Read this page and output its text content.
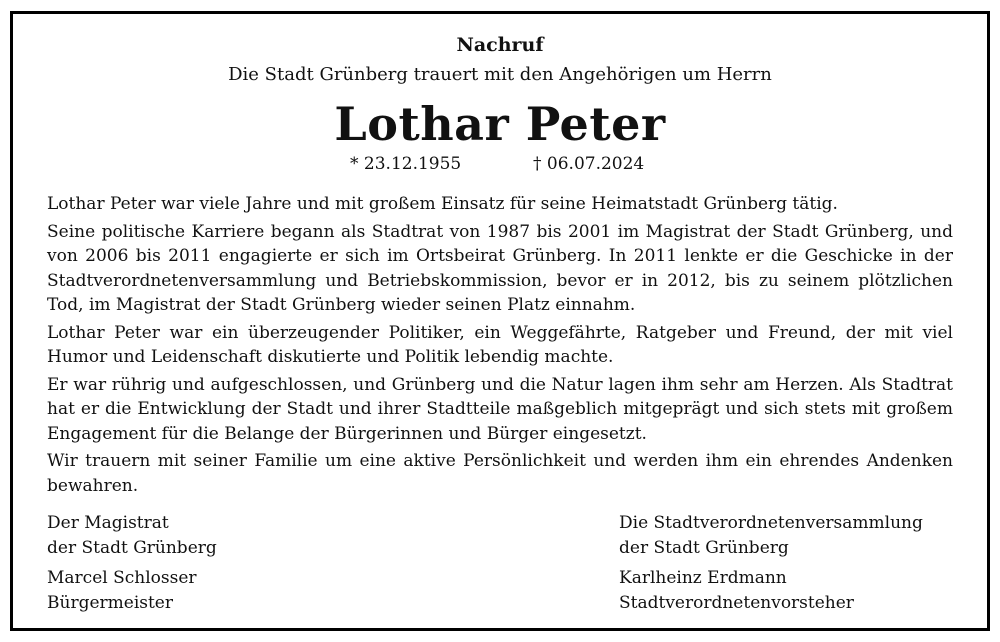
Nachruf
Die Stadt Grünberg trauert mit den Angehörigen um Herrn
Lothar Peter
* 23.12.1955	† 06.07.2024

Lothar Peter war viele Jahre und mit großem Einsatz für seine Heimatstadt Grünberg tätig.

Seine politische Karriere begann als Stadtrat von 1987 bis 2001 im Magistrat der Stadt Grünberg, und von 2006 bis 2011 engagierte er sich im Ortsbeirat Grünberg. In 2011 lenkte er die Geschicke in der Stadtverordnetenversammlung und Betriebskommission, bevor er in 2012, bis zu seinem plötzlichen Tod, im Magistrat der Stadt Grünberg wieder seinen Platz einnahm.

Lothar Peter war ein überzeugender Politiker, ein Weggefährte, Ratgeber und Freund, der mit viel Humor und Leidenschaft diskutierte und Politik lebendig machte.

Er war rührig und aufgeschlossen, und Grünberg und die Natur lagen ihm sehr am Herzen. Als Stadtrat hat er die Entwicklung der Stadt und ihrer Stadtteile maßgeblich mitgeprägt und sich stets mit großem Engagement für die Belange der Bürgerinnen und Bürger eingesetzt.

Wir trauern mit seiner Familie um eine aktive Persönlichkeit und werden ihm ein ehrendes Andenken bewahren.

Der Magistrat
der Stadt Grünberg
Marcel Schlosser
Bürgermeister
Die Stadtverordnetenversammlung
der Stadt Grünberg
Karlheinz Erdmann
Stadtverordnetenvorsteher
